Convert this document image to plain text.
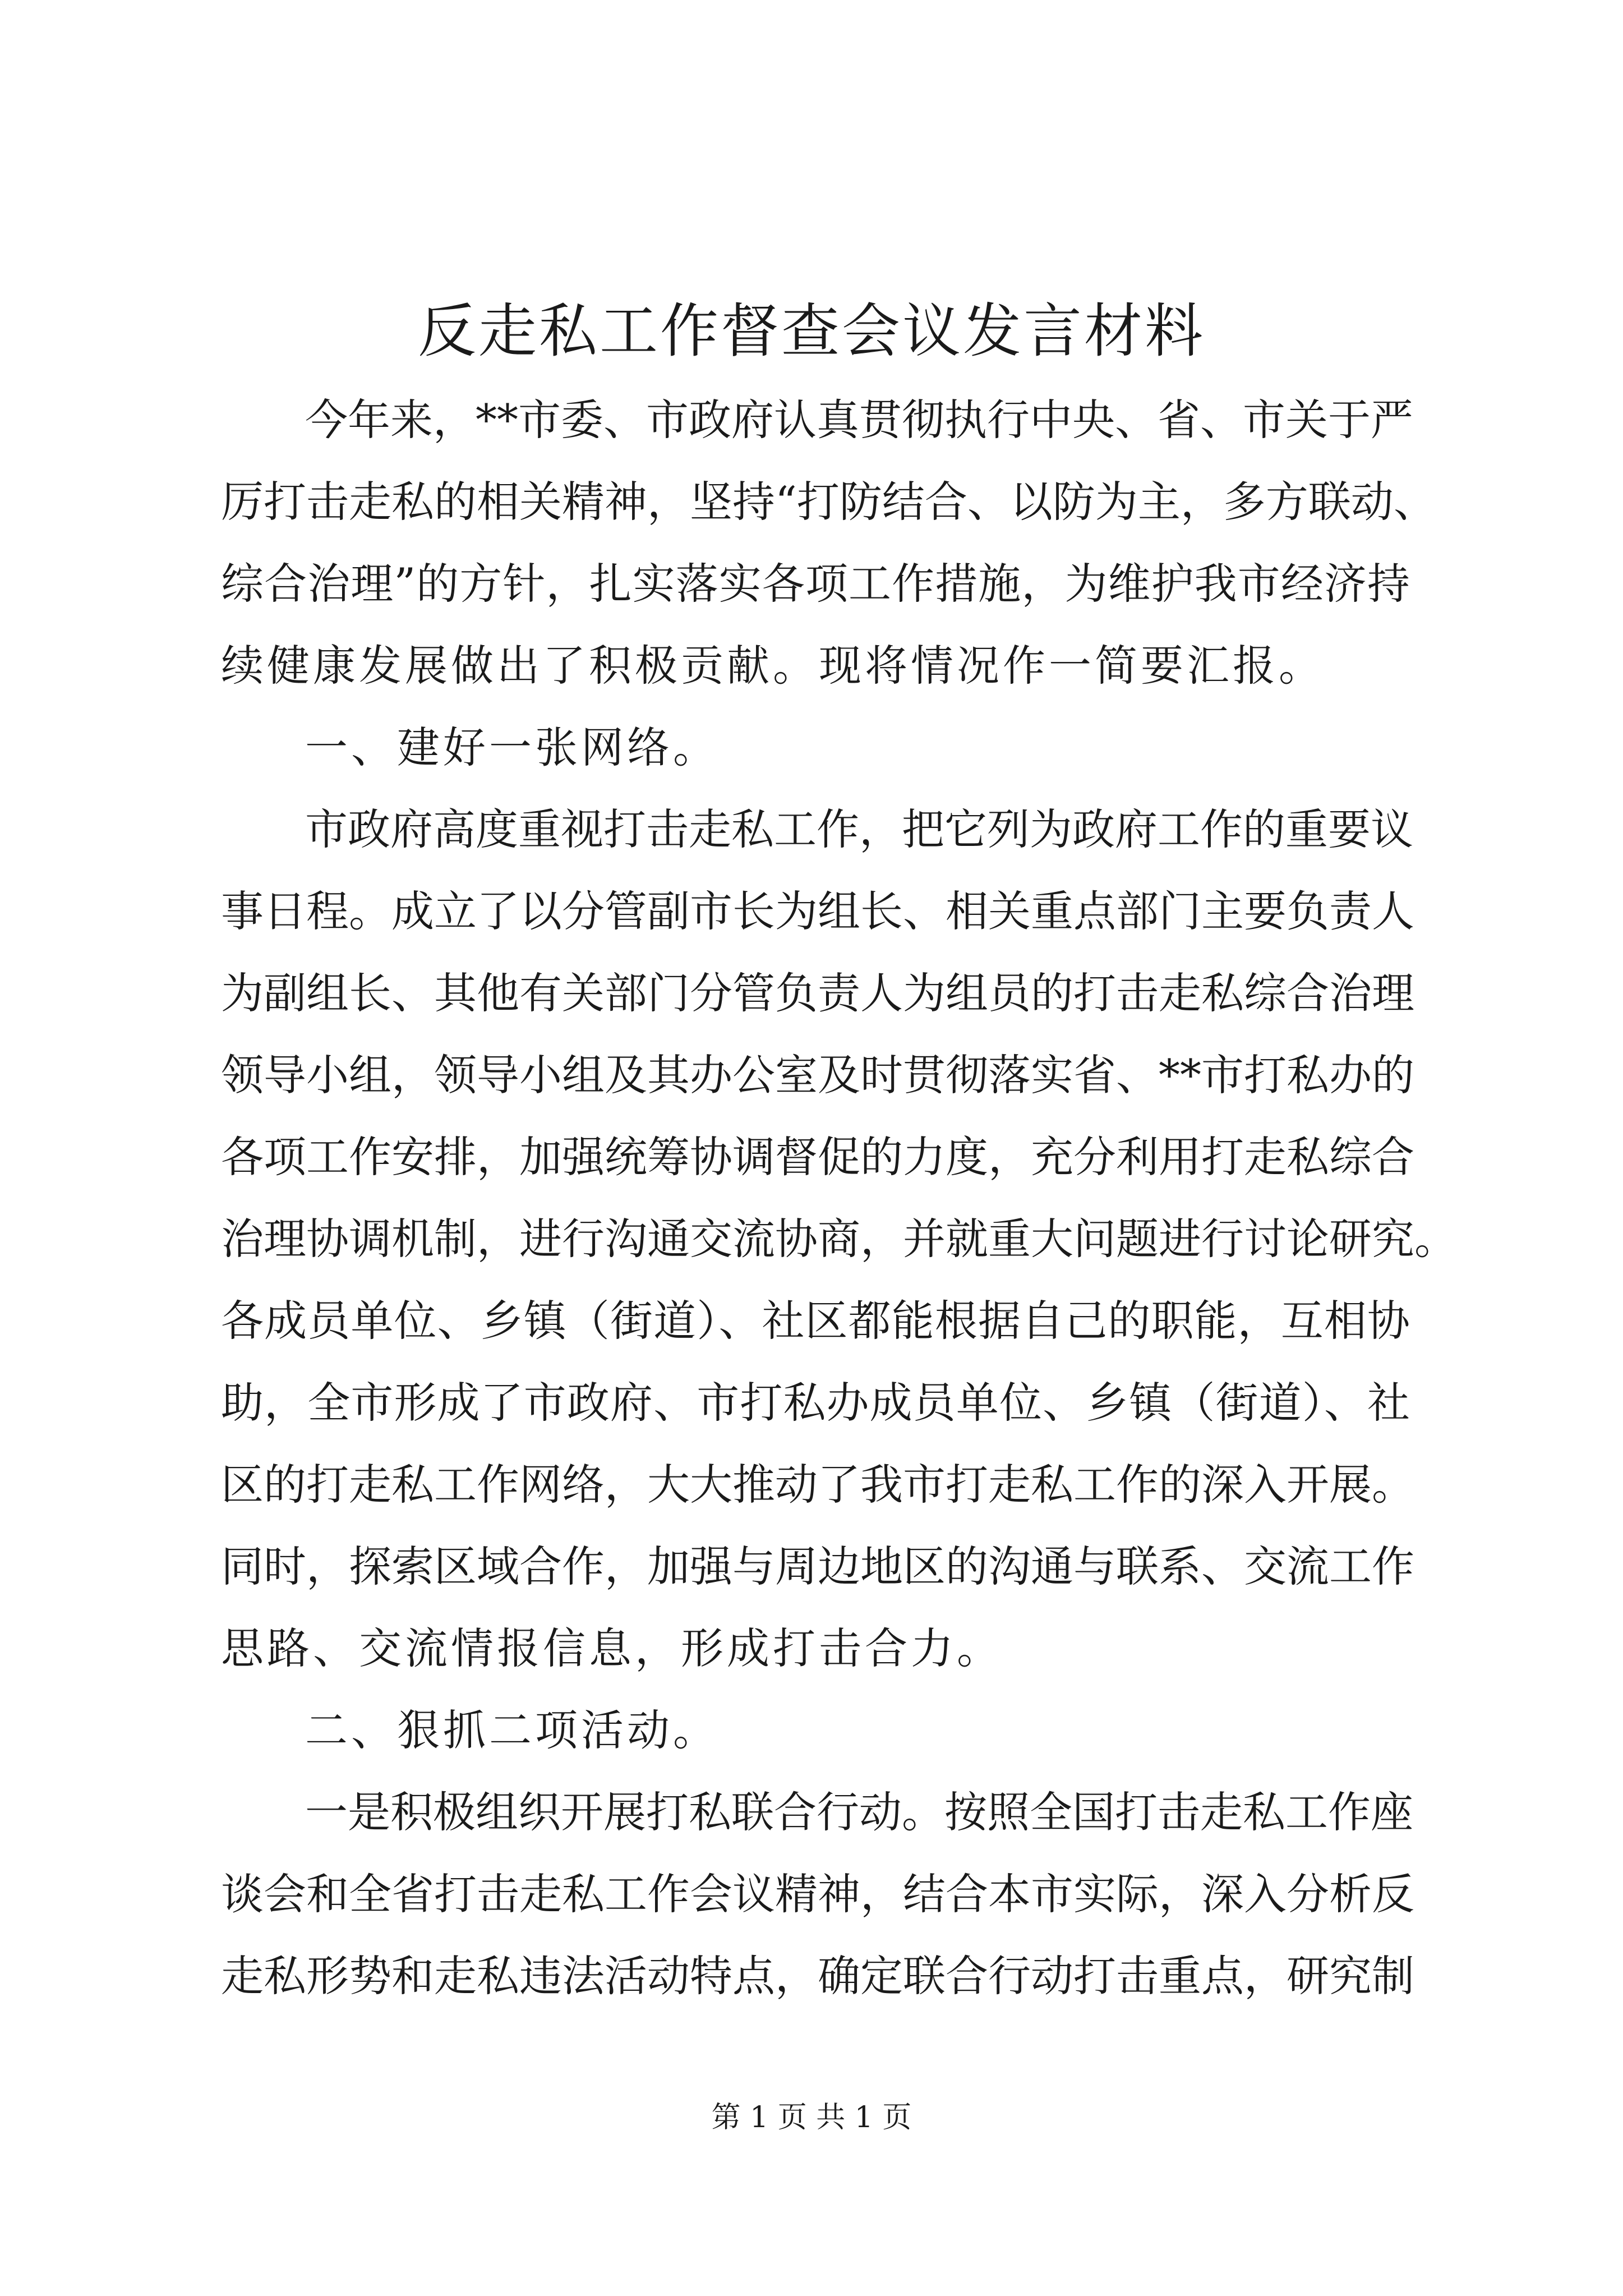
反走私工作督查会议发言材料
今年来，**市委、市政府认真贯彻执行中央、省、市关于严
厉打击走私的相关精神，坚持“打防结合、以防为主，多方联动、
综合治理”的方针，扎实落实各项工作措施，为维护我市经济持
续健康发展做出了积极贡献。现将情况作一简要汇报。
一、建好一张网络。
市政府高度重视打击走私工作，把它列为政府工作的重要议
事日程。成立了以分管副市长为组长、相关重点部门主要负责人
为副组长、其他有关部门分管负责人为组员的打击走私综合治理
领导小组，领导小组及其办公室及时贯彻落实省、**市打私办的
各项工作安排，加强统筹协调督促的力度，充分利用打走私综合
治理协调机制，进行沟通交流协商，并就重大问题进行讨论研究。
各成员单位、乡镇（街道）、社区都能根据自己的职能，互相协
助，全市形成了市政府、市打私办成员单位、乡镇（街道）、社
区的打走私工作网络，大大推动了我市打走私工作的深入开展。
同时，探索区域合作，加强与周边地区的沟通与联系、交流工作
思路、交流情报信息，形成打击合力。
二、狠抓二项活动。
一是积极组织开展打私联合行动。按照全国打击走私工作座
谈会和全省打击走私工作会议精神，结合本市实际，深入分析反
走私形势和走私违法活动特点，确定联合行动打击重点，研究制
第 1 页 共 1 页
